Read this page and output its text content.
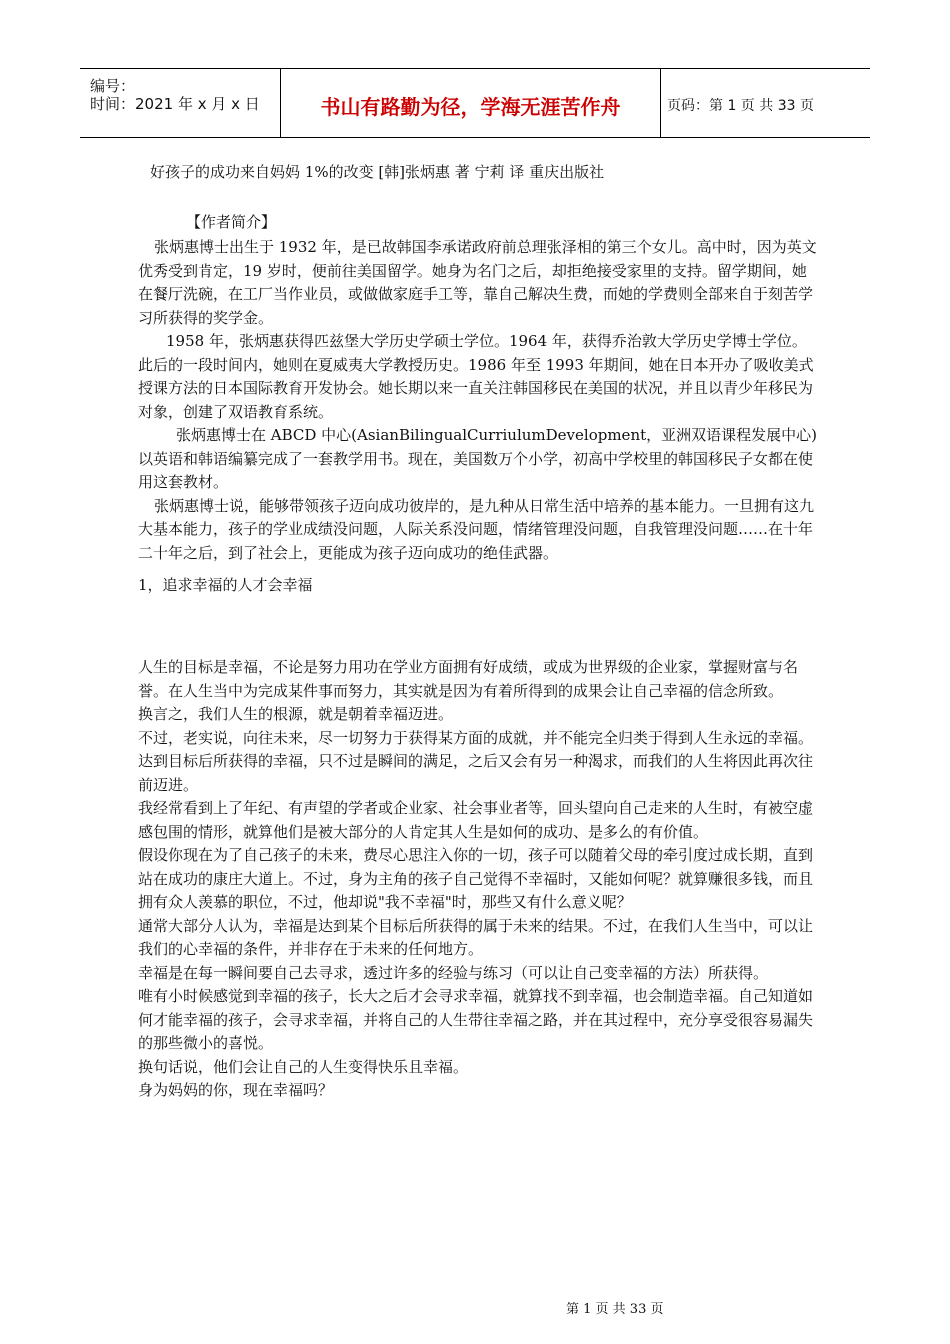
编号：
时间：2021 年 x 月 x 日	书山有路勤为径，学海无涯苦作舟	页码：第 1 页 共 33 页
好孩子的成功来自妈妈 1%的改变 [韩]张炳惠 著 宁莉 译 重庆出版社
【作者简介】

张炳惠博士出生于 1932 年，是已故韩国李承诺政府前总理张泽相的第三个女儿。高中时，因为英文优秀受到肯定，19 岁时，便前往美国留学。她身为名门之后，却拒绝接受家里的支持。留学期间，她在餐厅洗碗，在工厂当作业员，或做做家庭手工等，靠自己解决生费，而她的学费则全部来自于刻苦学习所获得的奖学金。

1958 年，张炳惠获得匹兹堡大学历史学硕士学位。1964 年，获得乔治敦大学历史学博士学位。此后的一段时间内，她则在夏威夷大学教授历史。1986 年至 1993 年期间，她在日本开办了吸收美式授课方法的日本国际教育开发协会。她长期以来一直关注韩国移民在美国的状况，并且以青少年移民为对象，创建了双语教育系统。

张炳惠博士在 ABCD 中心(AsianBilingualCurriulumDevelopment，亚洲双语课程发展中心)以英语和韩语编纂完成了一套教学用书。现在，美国数万个小学，初高中学校里的韩国移民子女都在使用这套教材。

张炳惠博士说，能够带领孩子迈向成功彼岸的，是九种从日常生活中培养的基本能力。一旦拥有这九大基本能力，孩子的学业成绩没问题，人际关系没问题，情绪管理没问题，自我管理没问题……在十年二十年之后，到了社会上，更能成为孩子迈向成功的绝佳武器。

1，追求幸福的人才会幸福

人生的目标是幸福，不论是努力用功在学业方面拥有好成绩，或成为世界级的企业家，掌握财富与名誉。在人生当中为完成某件事而努力，其实就是因为有着所得到的成果会让自己幸福的信念所致。

换言之，我们人生的根源，就是朝着幸福迈进。

不过，老实说，向往未来，尽一切努力于获得某方面的成就，并不能完全归类于得到人生永远的幸福。达到目标后所获得的幸福，只不过是瞬间的满足，之后又会有另一种渴求，而我们的人生将因此再次往前迈进。

我经常看到上了年纪、有声望的学者或企业家、社会事业者等，回头望向自己走来的人生时，有被空虚感包围的情形，就算他们是被大部分的人肯定其人生是如何的成功、是多么的有价值。

假设你现在为了自己孩子的未来，费尽心思注入你的一切，孩子可以随着父母的牵引度过成长期，直到站在成功的康庄大道上。不过，身为主角的孩子自己觉得不幸福时，又能如何呢？就算赚很多钱，而且拥有众人羡慕的职位，不过，他却说"我不幸福"时，那些又有什么意义呢？

通常大部分人认为，幸福是达到某个目标后所获得的属于未来的结果。不过，在我们人生当中，可以让我们的心幸福的条件，并非存在于未来的任何地方。

幸福是在每一瞬间要自己去寻求，透过许多的经验与练习（可以让自己变幸福的方法）所获得。

唯有小时候感觉到幸福的孩子，长大之后才会寻求幸福，就算找不到幸福，也会制造幸福。自己知道如何才能幸福的孩子，会寻求幸福，并将自己的人生带往幸福之路，并在其过程中，充分享受很容易漏失的那些微小的喜悦。

换句话说，他们会让自己的人生变得快乐且幸福。

身为妈妈的你，现在幸福吗？

第 1 页 共 33 页
